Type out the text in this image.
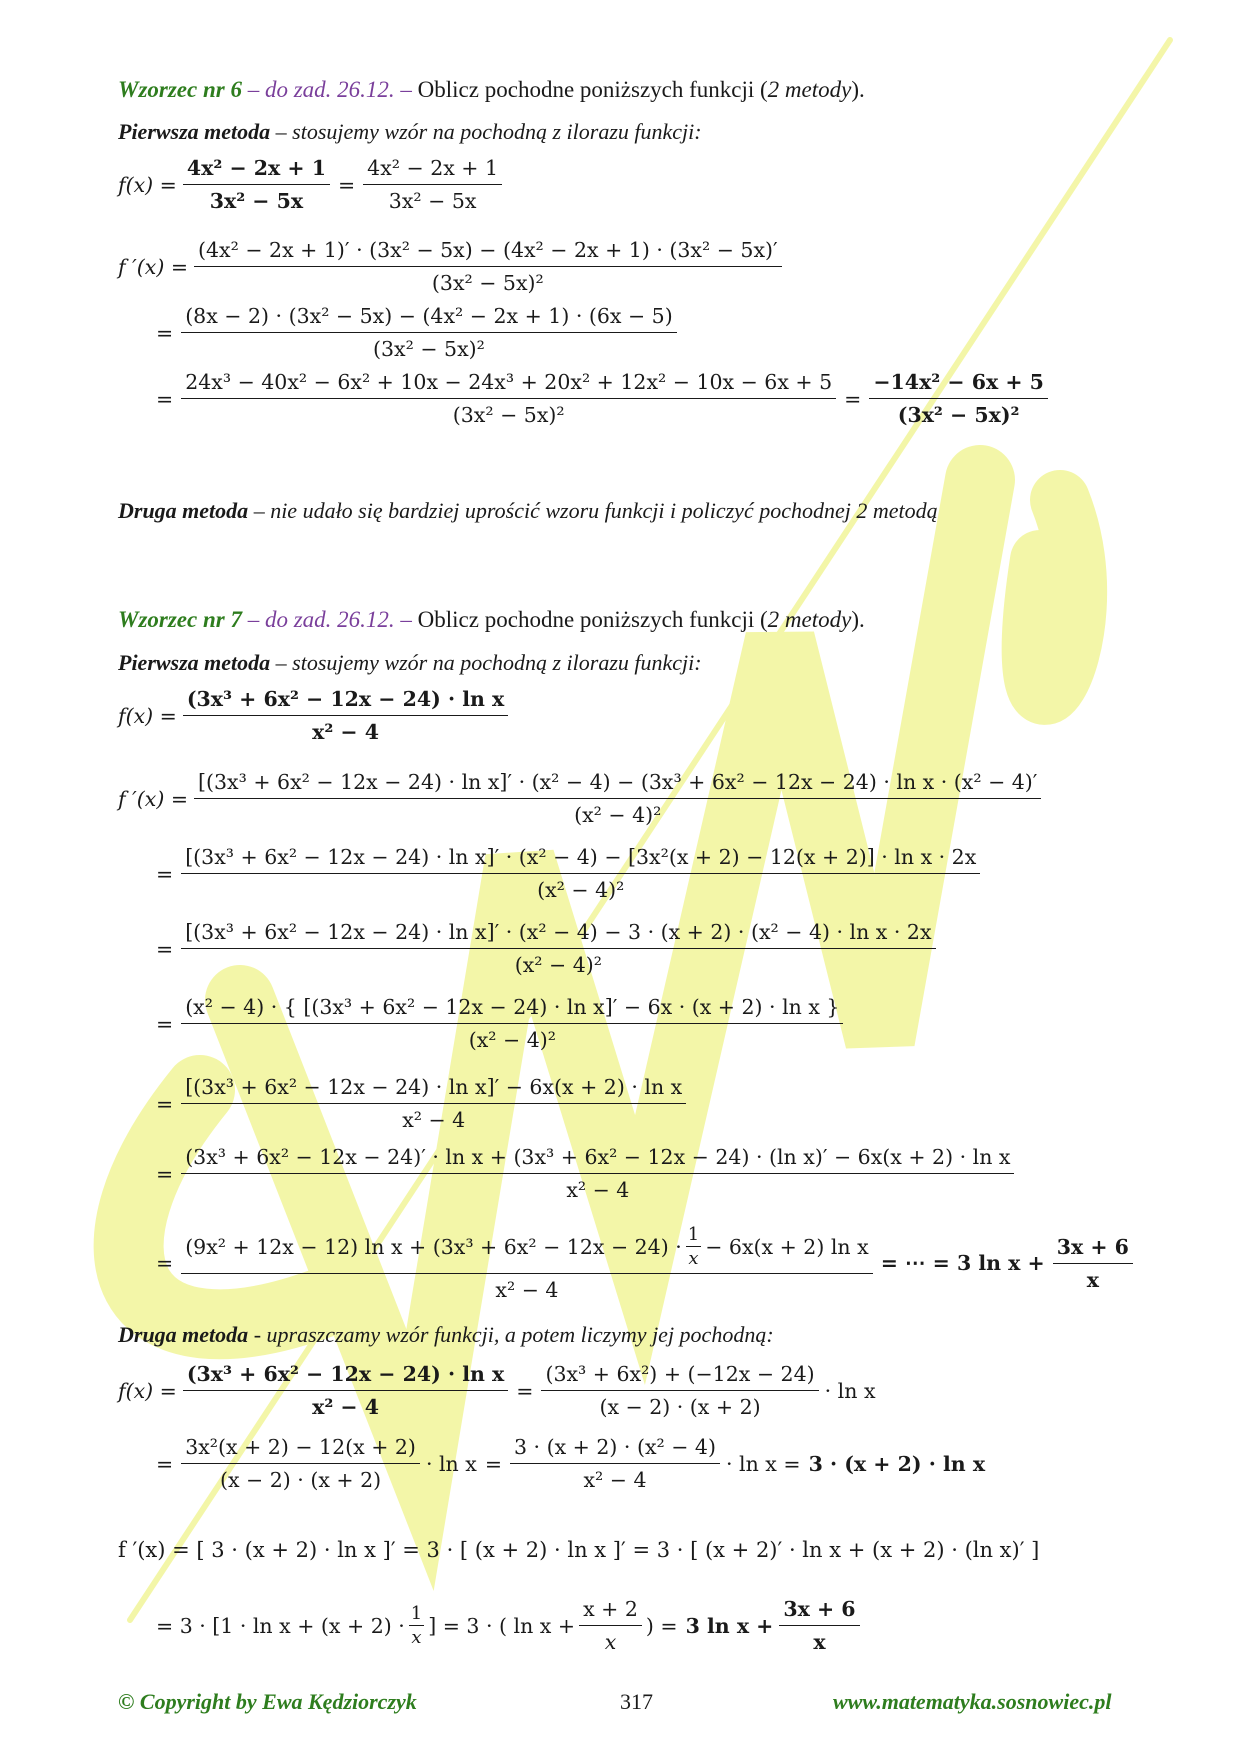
Wzorzec nr 6 – do zad. 26.12. – Oblicz pochodne poniższych funkcji (2 metody).
Pierwsza metoda – stosujemy wzór na pochodną z ilorazu funkcji:
$f(x) = \frac{\text{4x² − 2x + 1}}{\text{3x² − 5x}} = \frac{\text{4x² − 2x + 1}}{\text{3x² − 5x}}$
f $'(x) = \frac{\text{(4x² − 2x + 1)′ · (3x² − 5x) − (4x² − 2x + 1) · (3x² − 5x)′}}{\text{(3x² − 5x)²}}$
= $\frac{\text{(8x − 2) · (3x² − 5x) − (4x² − 2x + 1) · (6x − 5)}}{\text{(3x² − 5x)²}}$
= $\frac{\text{24x³ − 40x² − 6x² + 10x − 24x³ + 20x² + 12x² − 10x − 6x + 5}}{\text{(3x² − 5x)²}} = \frac{\text{−14x² − 6x + 5}}{\text{(3x² − 5x)²}}$
Druga metoda – nie udało się bardziej uprościć wzoru funkcji i policzyć pochodnej 2 metodą
Wzorzec nr 7 – do zad. 26.12. – Oblicz pochodne poniższych funkcji (2 metody).
Pierwsza metoda – stosujemy wzór na pochodną z ilorazu funkcji:
$f(x) = \frac{\text{(3x³ + 6x² − 12x − 24) · ln x}}{\text{x² − 4}}$
f ′(x) =
[(3x³ + 6x² − 12x − 24) · ln x]′ · (x² − 4) − (3x³ + 6x² − 12x − 24) · ln x · (x² − 4)′
(x² − 4)²
=
[(3x³ + 6x² − 12x − 24) · ln x]′ · (x² − 4) − [3x²(x + 2) − 12(x + 2)] · ln x · 2x
(x² − 4)²
=
[(3x³ + 6x² − 12x − 24) · ln x]′ · (x² − 4) − 3 · (x + 2) · (x² − 4) · ln x · 2x
(x² − 4)²
=
(x² − 4) · { [(3x³ + 6x² − 12x − 24) · ln x]′ − 6x · (x + 2) · ln x }
(x² − 4)²
= $\frac{\text{[(3x³ + 6x² − 12x − 24) · ln x]′ − 6x(x + 2) · ln x}}{\text{x² − 4}}$
=
(3x³ + 6x² − 12x − 24)′ · ln x + (3x³ + 6x² − 12x − 24) · (ln x)′ − 6x(x + 2) · ln x
x² − 4
=
(9x² + 12x − 12) $\ln x + (3x^3 + 6x^2 - 12x - 24) \cdot \frac{1}{x} - 6x(x + 2)$ ln x
x² − 4
= ⋯ = 3 $\ln x + \frac{3x + 6}{x}$
Druga metoda - upraszczamy wzór funkcji, a potem liczymy jej pochodną:
$f(x) = \frac{\text{(3x³ + 6x² − 12x − 24) · ln x}}{\text{x² − 4}} = \frac{\text{(3x³ + 6x²) + (−12x − 24)}}{(x - 2) \cdot (x + 2)} \cdot \ln x$
= $\frac{\text{3x²(x + 2) − 12(x + 2)}}{(x - 2) \cdot (x + 2)} \cdot \ln x = \frac{\text{3 · (x + 2) · (x² − 4)}}{\text{x² − 4}} \cdot \ln x = 3 \cdot (x + 2) \cdot \ln x$
f ′(x) = [ 3 · (x + 2) · ln x ]′ = 3 · [ (x + 2) · ln x ]′ = 3 · [ (x + 2)′ · ln x + (x + 2) · (ln x)′ ]
= $3 \cdot [1 \cdot \ln x + (x + 2) \cdot \frac{1}{x}$ ] = 3 · ( $\ln x + \frac{x + 2}{x}$ ) = 3 $\ln x + \frac{3x + 6}{x}$
© Copyright by Ewa Kędziorczyk	317	www.matematyka.sosnowiec.pl
